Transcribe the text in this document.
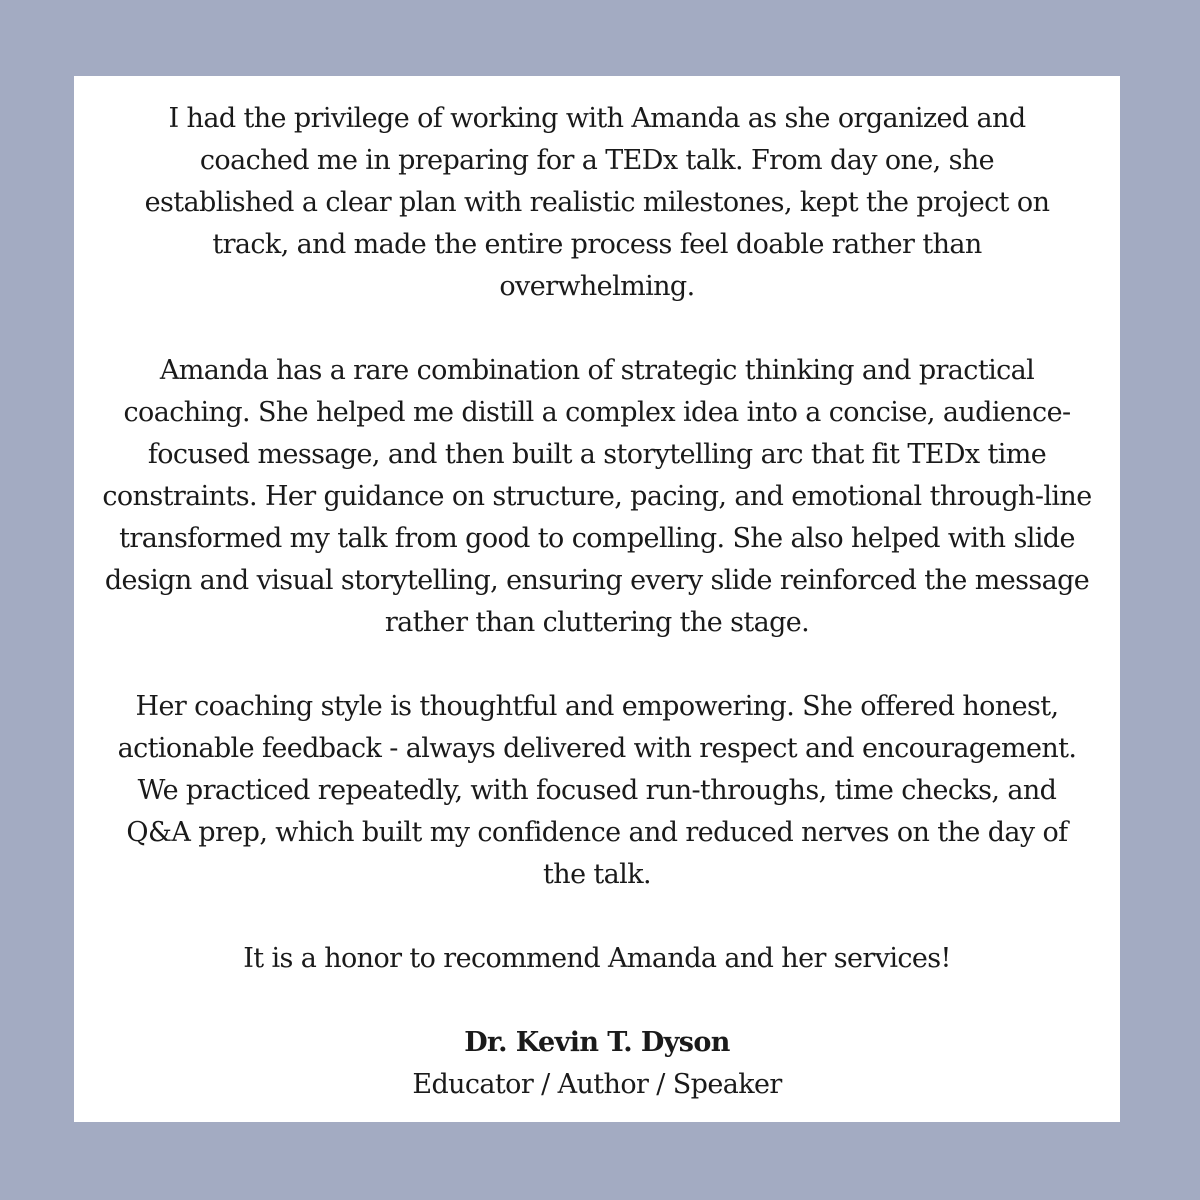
I had the privilege of working with Amanda as she organized and coached me in preparing for a TEDx talk. From day one, she established a clear plan with realistic milestones, kept the project on track, and made the entire process feel doable rather than overwhelming.

Amanda has a rare combination of strategic thinking and practical coaching. She helped me distill a complex idea into a concise, audience-focused message, and then built a storytelling arc that fit TEDx time constraints. Her guidance on structure, pacing, and emotional through-line transformed my talk from good to compelling. She also helped with slide design and visual storytelling, ensuring every slide reinforced the message rather than cluttering the stage.

Her coaching style is thoughtful and empowering. She offered honest, actionable feedback - always delivered with respect and encouragement. We practiced repeatedly, with focused run-throughs, time checks, and Q&A prep, which built my confidence and reduced nerves on the day of the talk.

It is a honor to recommend Amanda and her services!

Dr. Kevin T. Dyson
Educator / Author / Speaker
